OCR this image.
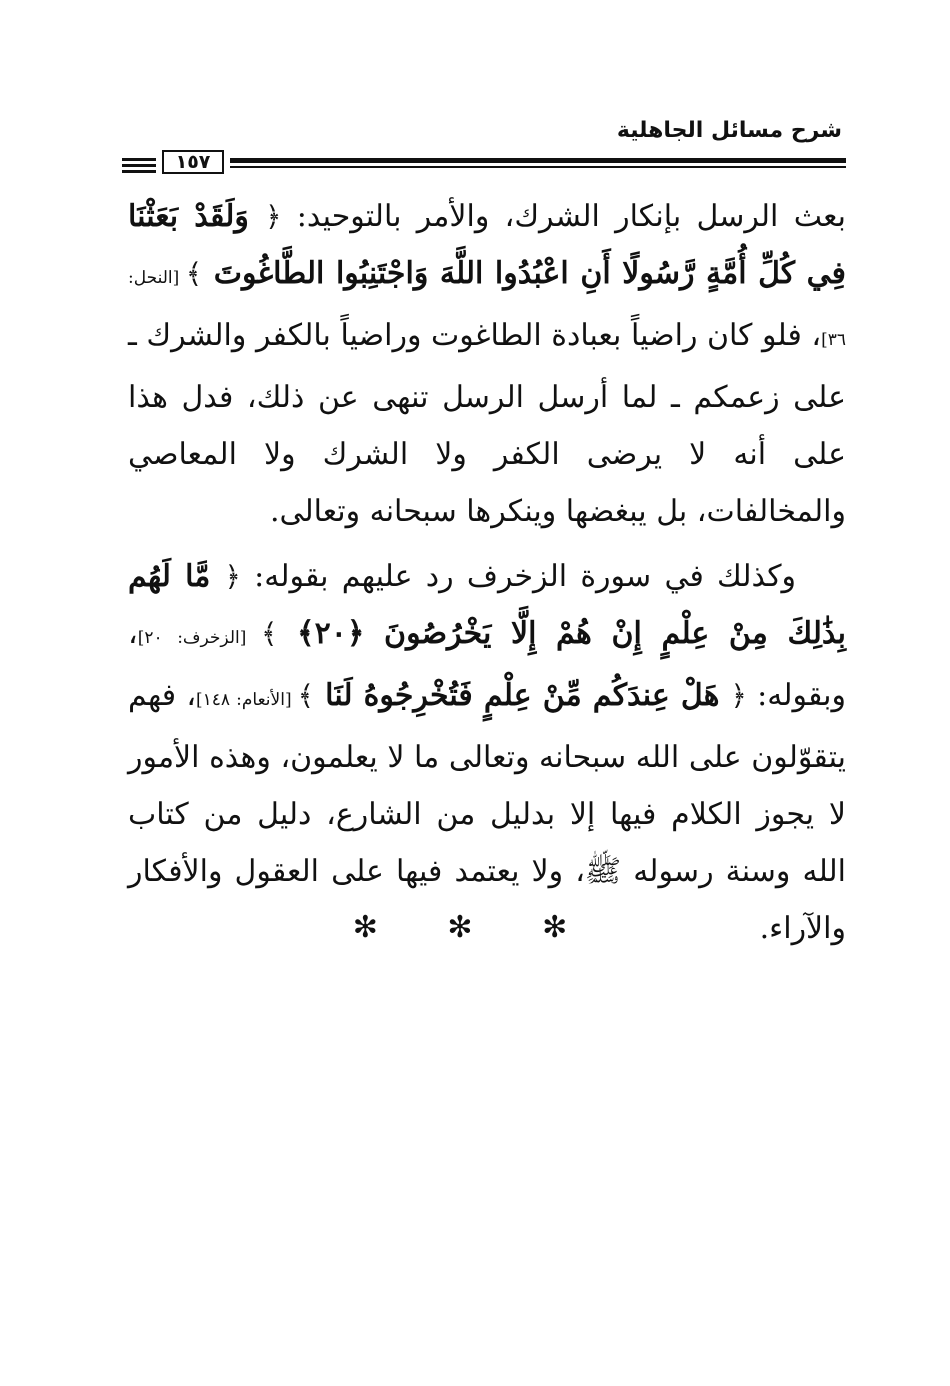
شرح مسائل الجاهلية
١٥٧

بعث الرسل بإنكار الشرك، والأمر بالتوحيد: ﴿ وَلَقَدْ بَعَثْنَا فِي كُلِّ أُمَّةٍ رَّسُولًا أَنِ اعْبُدُوا اللَّهَ وَاجْتَنِبُوا الطَّاغُوتَ ﴾ [النحل: ٣٦]، فلو كان راضياً بعبادة الطاغوت وراضياً بالكفر والشرك ـ على زعمكم ـ لما أرسل الرسل تنهى عن ذلك، فدل هذا على أنه لا يرضى الكفر ولا الشرك ولا المعاصي والمخالفات، بل يبغضها وينكرها سبحانه وتعالى.

وكذلك في سورة الزخرف رد عليهم بقوله: ﴿ مَّا لَهُم بِذَٰلِكَ مِنْ عِلْمٍ إِنْ هُمْ إِلَّا يَخْرُصُونَ ﴿٢٠﴾ ﴾ [الزخرف: ٢٠]، وبقوله: ﴿ هَلْ عِندَكُم مِّنْ عِلْمٍ فَتُخْرِجُوهُ لَنَا ﴾ [الأنعام: ١٤٨]، فهم يتقوّلون على الله سبحانه وتعالى ما لا يعلمون، وهذه الأمور لا يجوز الكلام فيها إلا بدليل من الشارع، دليل من كتاب الله وسنة رسوله ﷺ، ولا يعتمد فيها على العقول والأفكار والآراء.

✻ ✻ ✻
